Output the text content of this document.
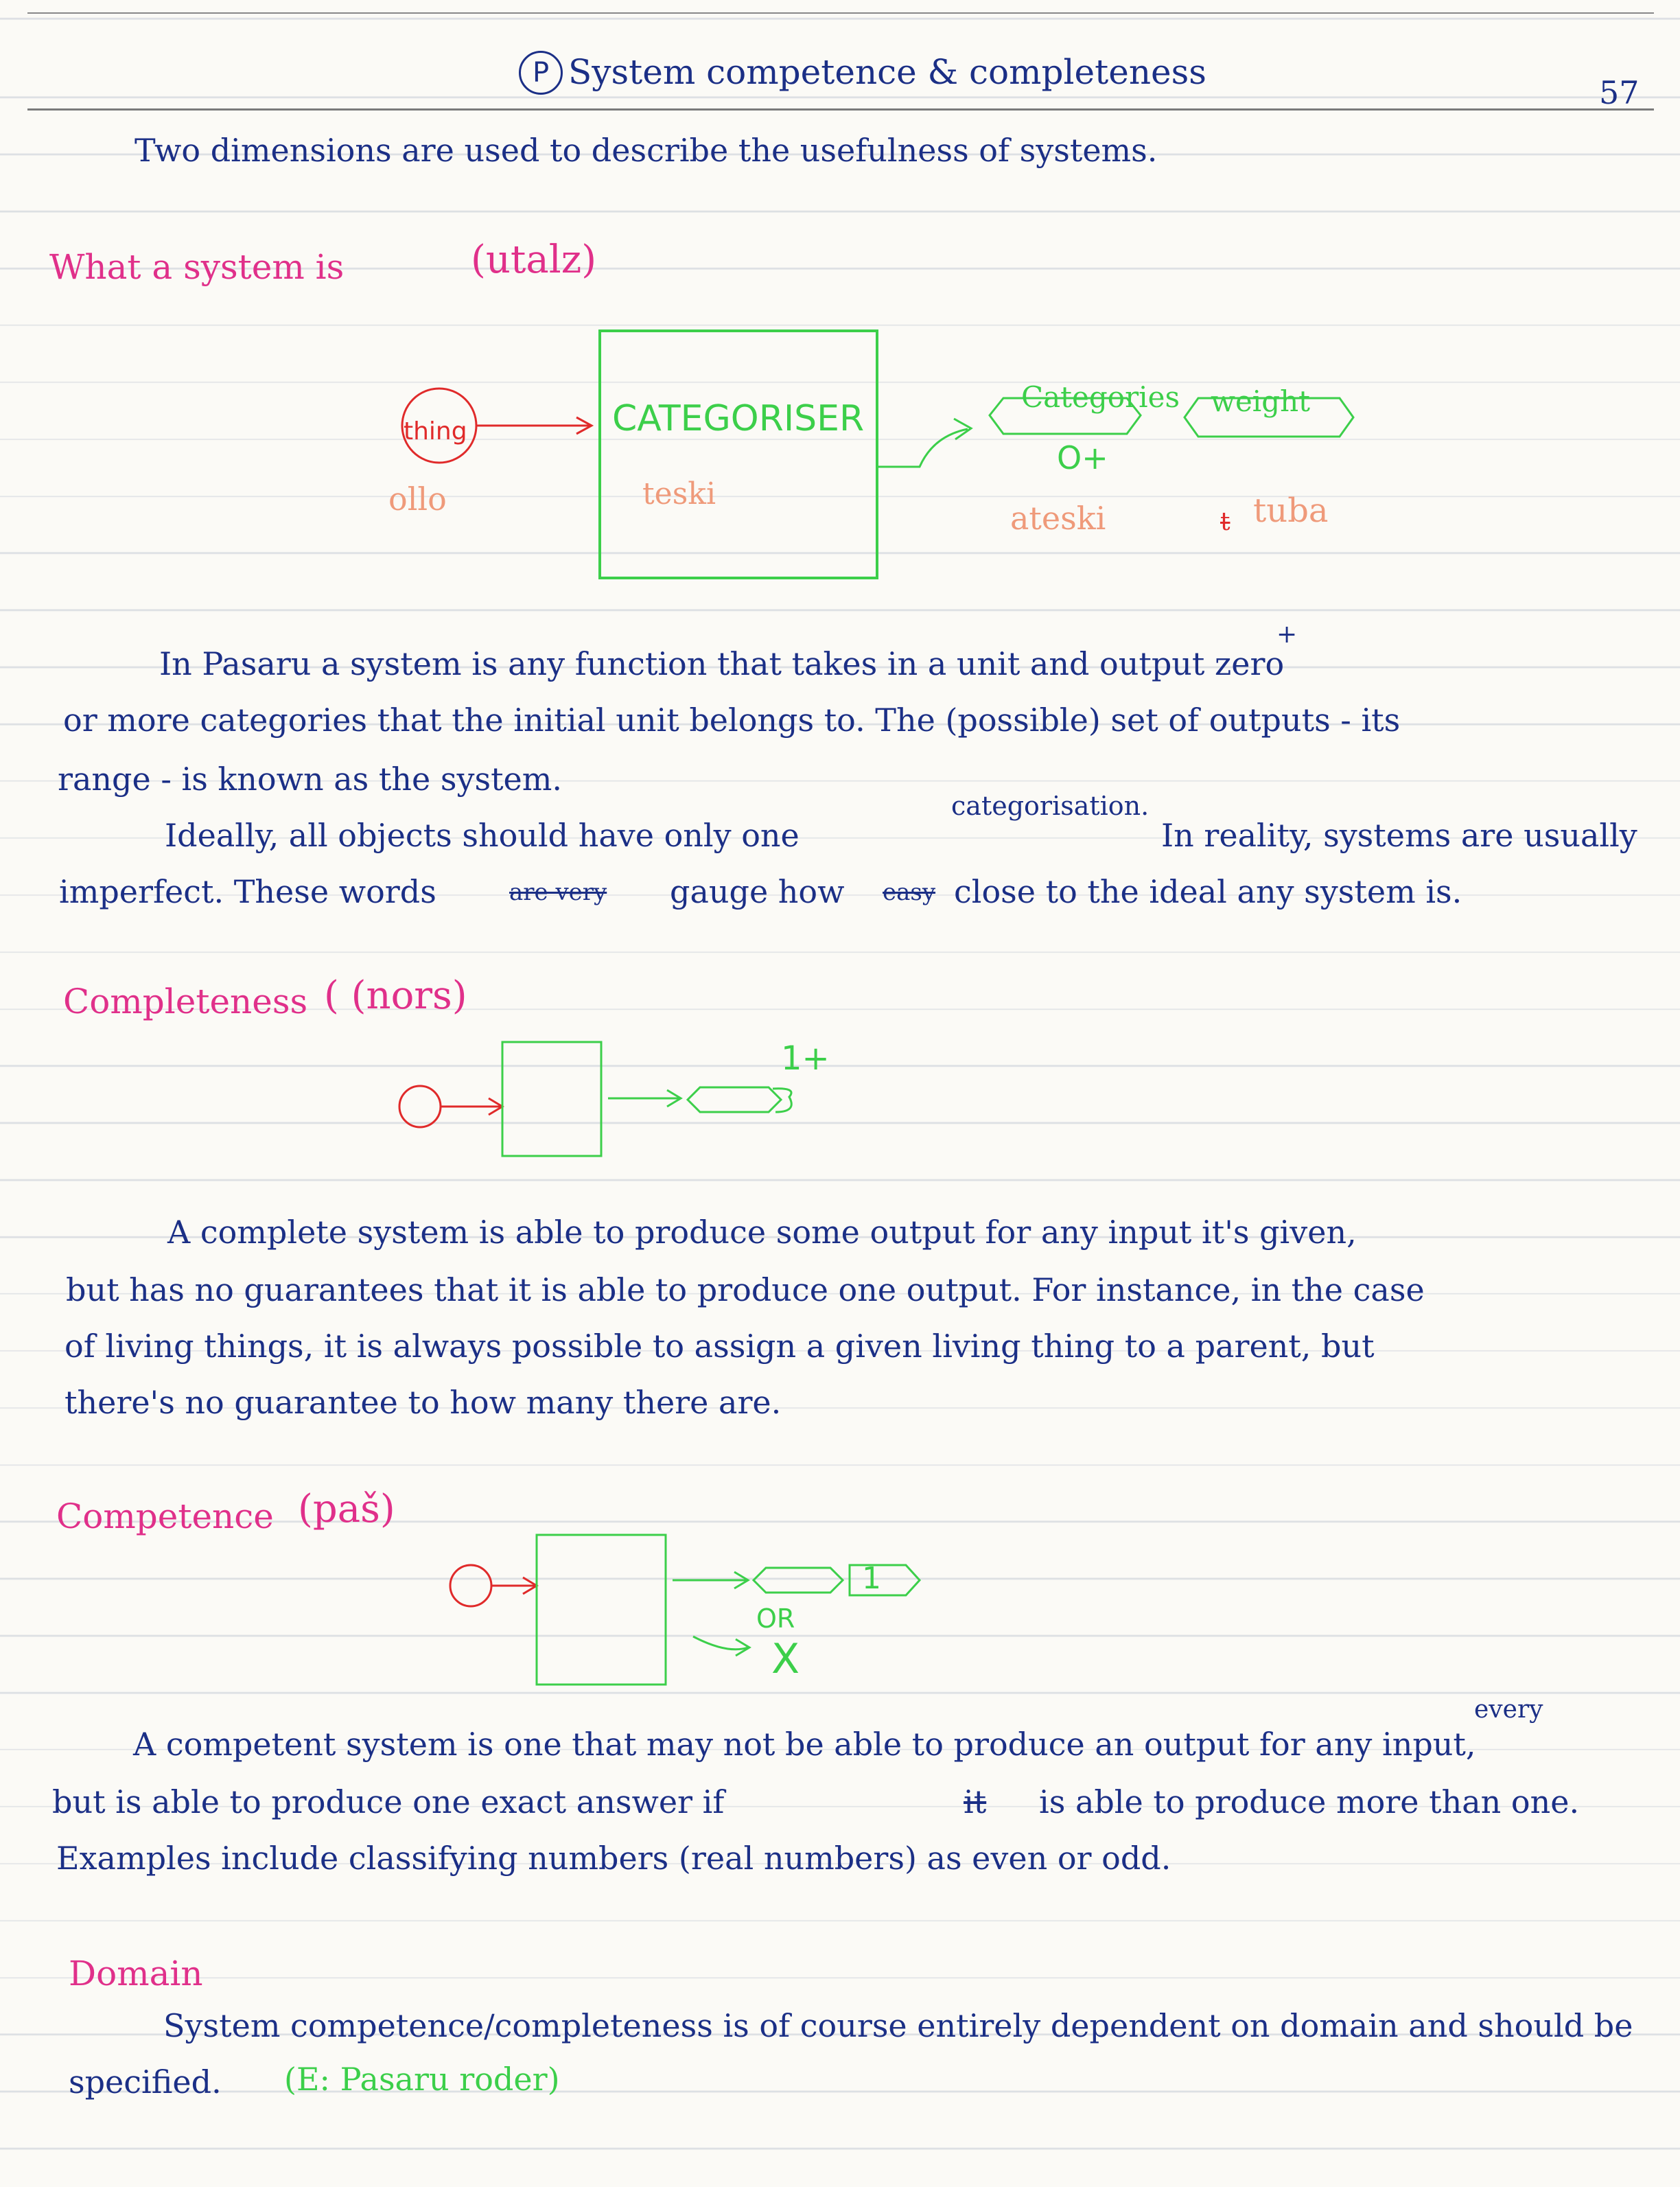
P System competence & completeness
57
Two dimensions are used to describe the usefulness of systems.
What a system is	(utalz)
thing
ollo
CATEGORISER
teski
Categories weight
O+
ateski	t tuba
In Pasaru a system is any function that takes in a unit and output zero
+
or more categories that the initial unit belongs to. The (possible) set of outputs - its
range - is known as the system.
categorisation.
Ideally, all objects should have only one	In reality, systems are usually
imperfect. These words	are very gauge how easy close to the ideal any system is.
Completeness ( (nors)
1+
A complete system is able to produce some output for any input it's given,
but has no guarantees that it is able to produce one output. For instance, in the case
of living things, it is always possible to assign a given living thing to a parent, but
there's no guarantee to how many there are.
Competence (paš)
1
OR
X
every
A competent system is one that may not be able to produce an output for any input,
but is able to produce one exact answer if	it is able to produce more than one.
Examples include classifying numbers (real numbers) as even or odd.
Domain
System competence/completeness is of course entirely dependent on domain and should be
specified. (E: Pasaru roder)
